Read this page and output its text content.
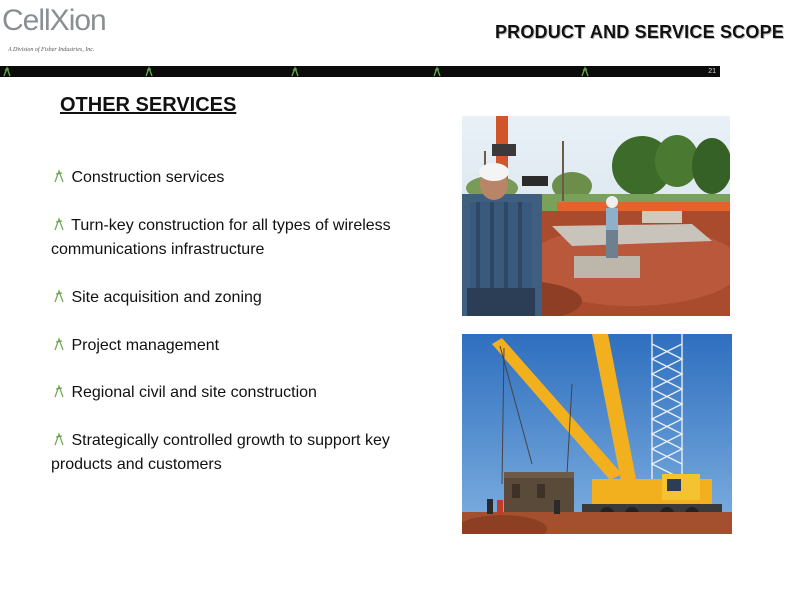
CellXion
A Division of Fisher Industries, Inc.
PRODUCT AND SERVICE SCOPE
21
OTHER SERVICES
Construction services
Turn-key construction for all types of wireless communications infrastructure
Site acquisition and zoning
Project management
Regional civil and site construction
Strategically controlled growth to support key products and customers
